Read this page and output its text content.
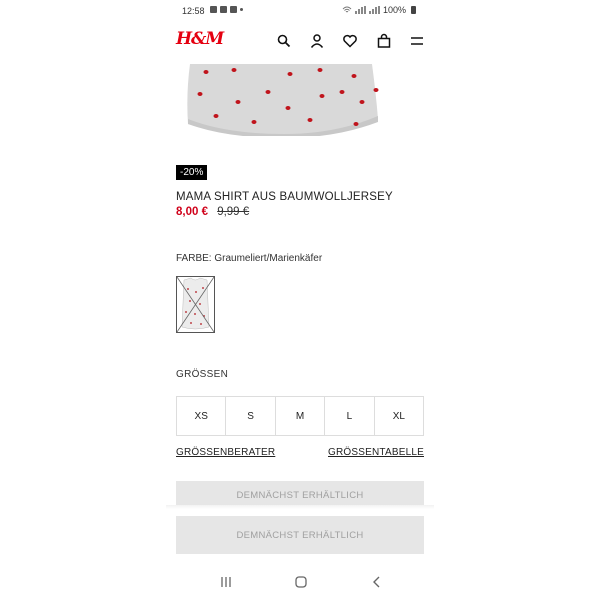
12:58	100%
H&M
-20%
MAMA SHIRT AUS BAUMWOLLJERSEY
8,00 € 9,99 €
FARBE: Graumeliert/Marienkäfer
GRÖSSEN
XS	S	M	L	XL
GRÖSSENBERATER	GRÖSSENTABELLE
DEMNÄCHST ERHÄLTLICH
DEMNÄCHST ERHÄLTLICH
